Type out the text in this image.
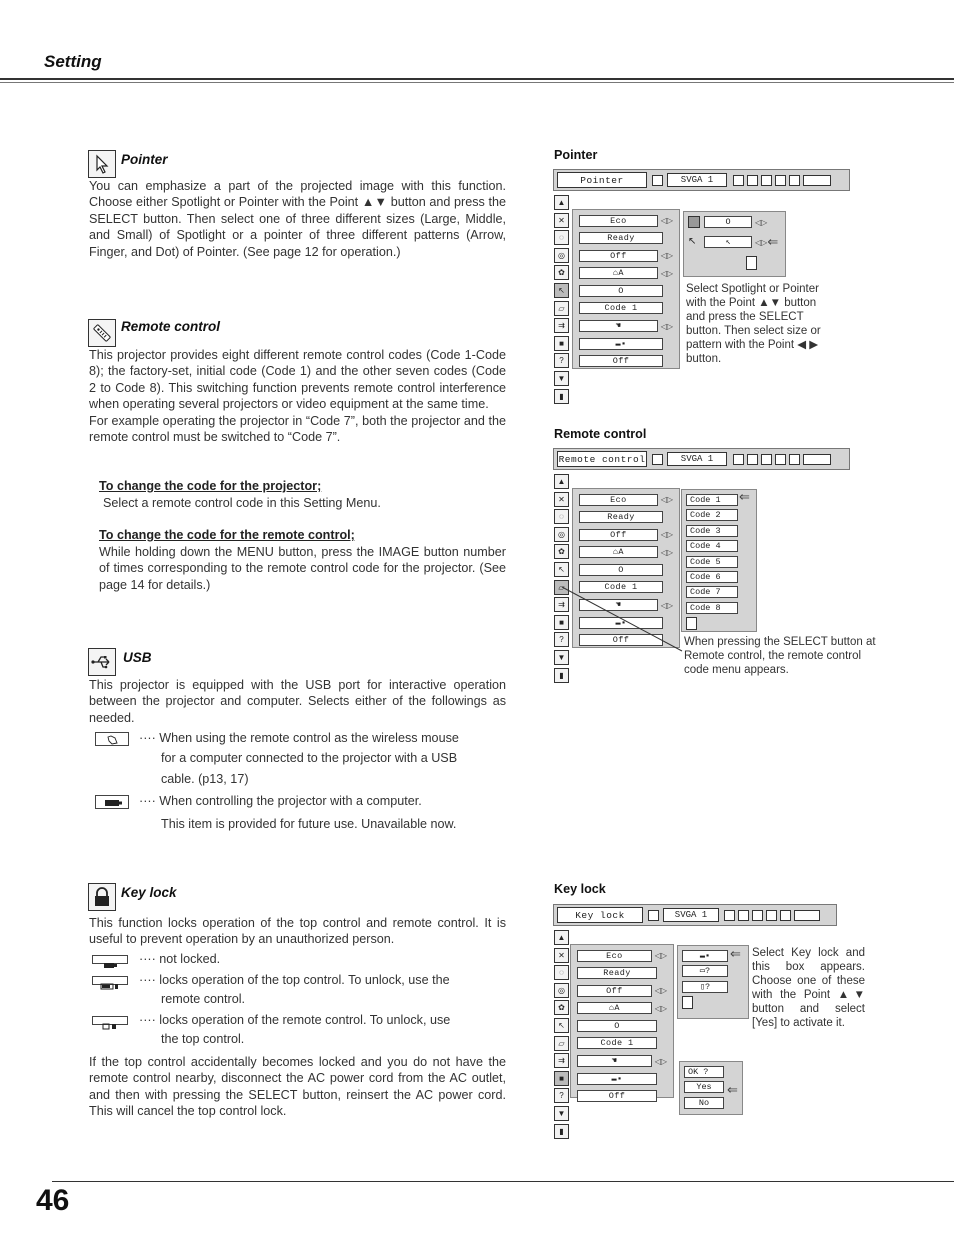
Setting
Pointer
You can emphasize a part of the projected image with this function. Choose either Spotlight or Pointer with the Point ▲▼ button and press the SELECT button. Then select one of three different sizes (Large, Middle, and Small) of Spotlight or a pointer of three different patterns (Arrow, Finger, and Dot) of Pointer. (See page 12 for operation.)
Remote control

This projector provides eight different remote control codes (Code 1-Code 8); the factory-set, initial code (Code 1) and the other seven codes (Code 2 to Code 8). This switching function prevents remote control interference when operating several projectors or video equipment at the same time.

For example operating the projector in “Code 7”, both the projector and the remote control must be switched to “Code 7”.

To change the code for the projector;
Select a remote control code in this Setting Menu.
To change the code for the remote control;
While holding down the MENU button, press the IMAGE button number of times corresponding to the remote control code for the projector. (See page 14 for details.)
USB
This projector is equipped with the USB port for interactive operation between the projector and computer. Selects either of the followings as needed.
···· When using the remote control as the wireless mouse
for a computer connected to the projector with a USB
cable. (p13, 17)
···· When controlling the projector with a computer.
This item is provided for future use. Unavailable now.
Key lock
This function locks operation of the top control and remote control. It is useful to prevent operation by an unauthorized person.
···· not locked.
···· locks operation of the top control. To unlock, use the
remote control.
···· locks operation of the remote control. To unlock, use
the top control.
If the top control accidentally becomes locked and you do not have the remote control nearby, disconnect the AC power cord from the AC outlet, and then with pressing the SELECT button, reinsert the AC power cord. This will cancel the top control lock.
Pointer
Pointer	SVGA 1
▲
✕
◌
◎
✿
↖
▱
⇉
■
?
▼
▮
Eco	◁▷
Ready
Off	◁▷
⌂A	◁▷
O
Code 1
☚	◁▷
▬▪
Off
O	◁▷
↖	↖	◁▷ ⇐
Select Spotlight or Pointer with the Point ▲▼ button and press the SELECT button. Then select size or pattern with the Point ◀ ▶ button.
Remote control
Remote control	SVGA 1
▲
✕
◌
◎
✿
↖
▱
⇉
■
?
▼
▮
Eco	◁▷
Ready
Off	◁▷
⌂A	◁▷
O
Code 1
☚	◁▷
▬▪
Off
Code 1
Code 2
Code 3
Code 4
Code 5
Code 6
Code 7
Code 8
⇐
When pressing the SELECT button at Remote control, the remote control code menu appears.
Key lock
Key lock	SVGA 1
▲
✕
◌
◎
✿
↖
▱
⇉
■
?
▼
▮
Eco	◁▷
Ready
Off	◁▷
⌂A	◁▷
O
Code 1
☚	◁▷
▬▪
Off
▬▪
▭?
▯?
⇐ Select Key lock and this box appears. Choose one of these with the Point ▲▼ button and select [Yes] to activate it.
OK ?
Yes
No
⇐
46
